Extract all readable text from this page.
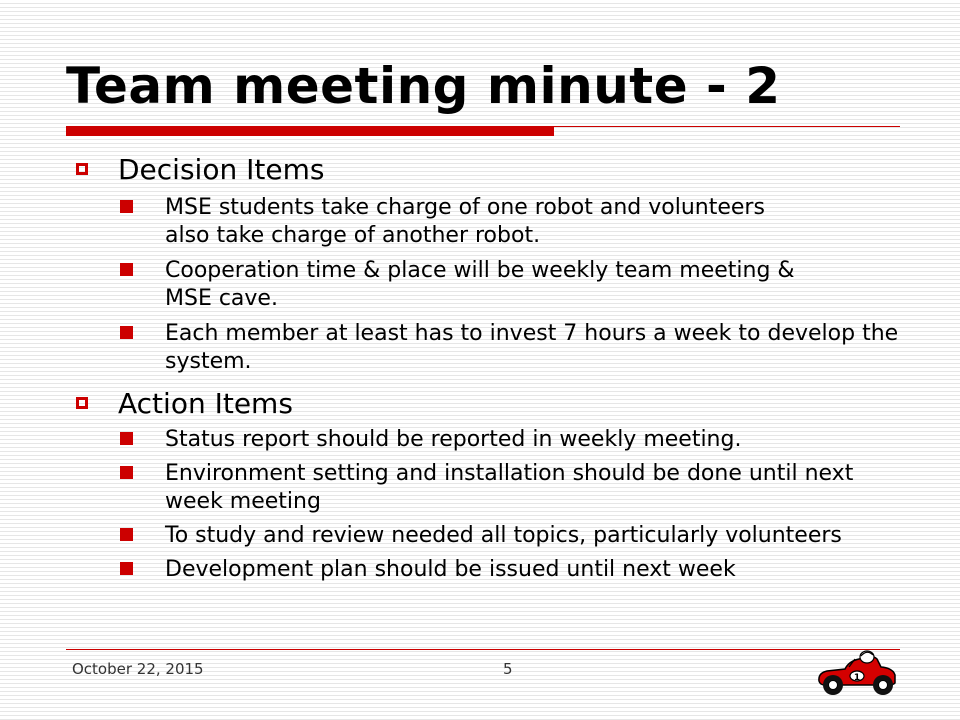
Team meeting minute - 2
Decision Items
MSE students take charge of one robot and volunteers also take charge of another robot.
Cooperation time & place will be weekly team meeting & MSE cave.
Each member at least has to invest 7 hours a week to develop the system.
Action Items
Status report should be reported in weekly meeting.
Environment setting and installation should be done until next week meeting
To study and review needed all topics, particularly volunteers
Development plan should be issued until next week
October 22, 2015	5	1
